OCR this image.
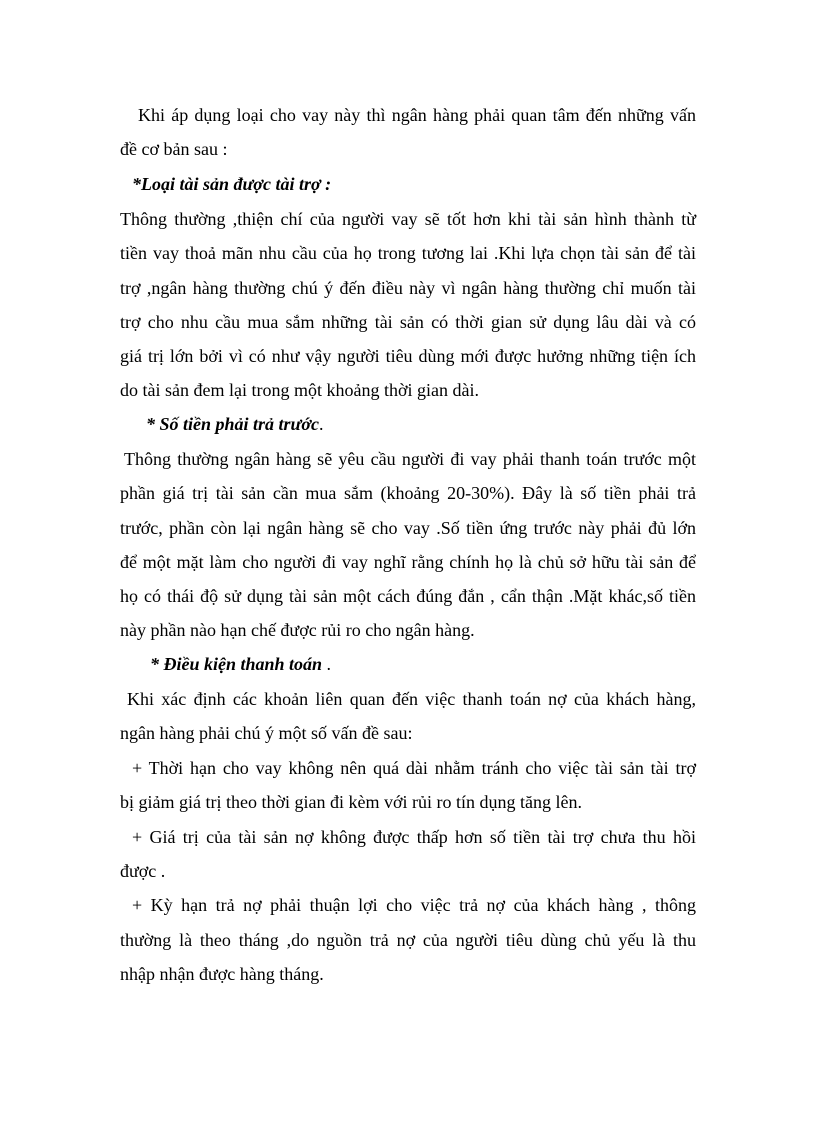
Khi áp dụng loại cho vay này thì ngân hàng phải quan tâm đến những vấn
đề cơ bản sau :
*Loại tài sản được tài trợ :
Thông thường ,thiện chí của người vay sẽ tốt hơn khi tài sản hình thành từ
tiền vay thoả mãn nhu cầu của họ trong tương lai .Khi lựa chọn tài sản để tài
trợ ,ngân hàng thường chú ý đến điều này vì ngân hàng thường chỉ muốn tài
trợ cho nhu cầu mua sắm những tài sản có thời gian sử dụng lâu dài và có
giá trị lớn bởi vì có như vậy người tiêu dùng mới được hưởng những tiện ích
do tài sản đem lại trong một khoảng thời gian dài.
* Số tiền phải trả trước.
Thông thường ngân hàng sẽ yêu cầu người đi vay phải thanh toán trước một
phần giá trị tài sản cần mua sắm (khoảng 20-30%). Đây là số tiền phải trả
trước, phần còn lại ngân hàng sẽ cho vay .Số tiền ứng trước này phải đủ lớn
để một mặt làm cho người đi vay nghĩ rằng chính họ là chủ sở hữu tài sản để
họ có thái độ sử dụng tài sản một cách đúng đắn , cẩn thận .Mặt khác,số tiền
này phần nào hạn chế được rủi ro cho ngân hàng.
* Điều kiện thanh toán .
Khi xác định các khoản liên quan đến việc thanh toán nợ của khách hàng,
ngân hàng phải chú ý một số vấn đề sau:
+ Thời hạn cho vay không nên quá dài nhằm tránh cho việc tài sản tài trợ
bị giảm giá trị theo thời gian đi kèm với rủi ro tín dụng tăng lên.
+ Giá trị của tài sản nợ không được thấp hơn số tiền tài trợ chưa thu hồi
được .
+ Kỳ hạn trả nợ phải thuận lợi cho việc trả nợ của khách hàng , thông
thường là theo tháng ,do nguồn trả nợ của người tiêu dùng chủ yếu là thu
nhập nhận được hàng tháng.
